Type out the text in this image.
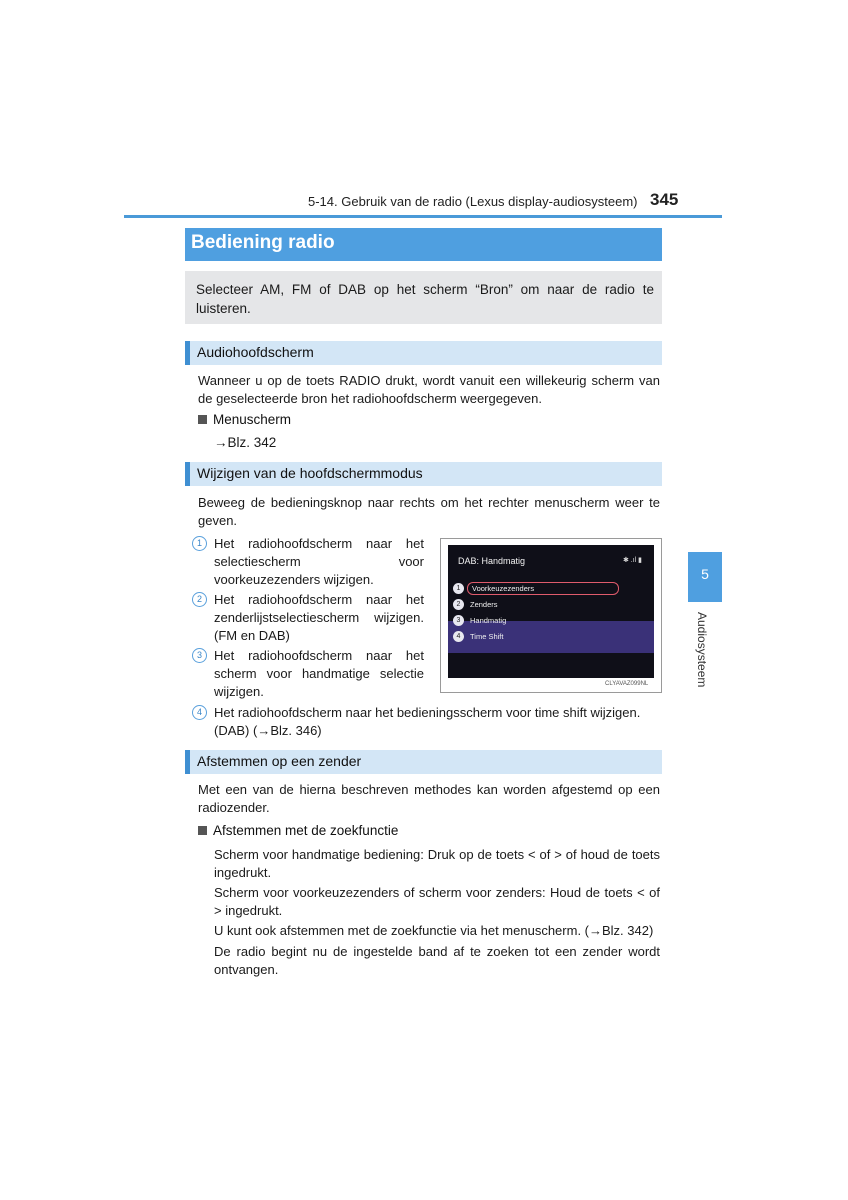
5-14. Gebruik van de radio (Lexus display-audiosysteem) 345
Bediening radio
Selecteer AM, FM of DAB op het scherm “Bron” om naar de radio te luisteren.
Audiohoofdscherm
Wanneer u op de toets RADIO drukt, wordt vanuit een willekeurig scherm van de geselecteerde bron het radiohoofdscherm weergegeven.
Menuscherm
→Blz. 342
Wijzigen van de hoofdschermmodus
Beweeg de bedieningsknop naar rechts om het rechter menuscherm weer te geven.
1 Het radiohoofdscherm naar het selectiescherm voor voorkeuzezenders wijzigen.
2 Het radiohoofdscherm naar het zenderlijstselectiescherm wijzigen. (FM en DAB)
3 Het radiohoofdscherm naar het scherm voor handmatige selectie wijzigen.
4 Het radiohoofdscherm naar het bedieningsscherm voor time shift wijzigen. (DAB) (→Blz. 346)
DAB: Handmatig	✱ .ıl ▮
1	Voorkeuzezenders
2	Zenders
3	Handmatig
4	Time Shift
CLYAVAZ099NL
Afstemmen op een zender
Met een van de hierna beschreven methodes kan worden afgestemd op een radiozender.
Afstemmen met de zoekfunctie
Scherm voor handmatige bediening: Druk op de toets < of > of houd de toets ingedrukt.
Scherm voor voorkeuzezenders of scherm voor zenders: Houd de toets < of > ingedrukt.
U kunt ook afstemmen met de zoekfunctie via het menuscherm. (→Blz. 342)
De radio begint nu de ingestelde band af te zoeken tot een zender wordt ontvangen.
5
Audiosysteem
